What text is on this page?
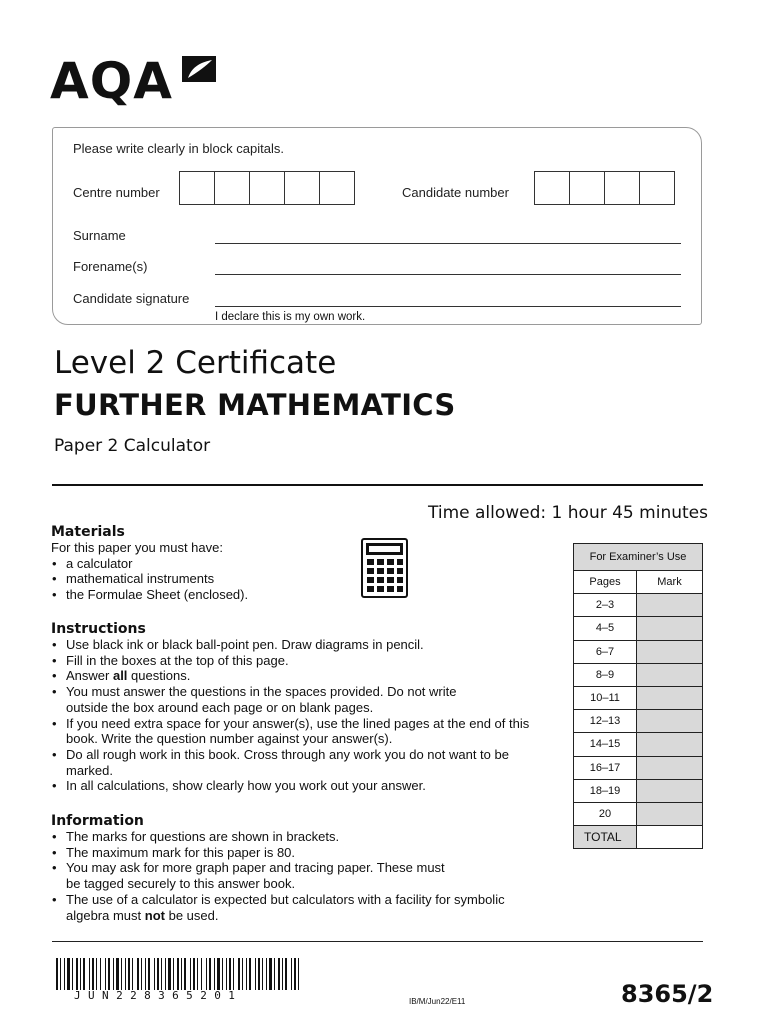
AQA
Please write clearly in block capitals.
Centre number	Candidate number
Surname
Forename(s)
Candidate signature
I declare this is my own work.
Level 2 Certificate
FURTHER MATHEMATICS
Paper 2 Calculator
Time allowed: 1 hour 45 minutes
Materials
For this paper you must have:
• a calculator
• mathematical instruments
• the Formulae Sheet (enclosed).
Instructions
• Use black ink or black ball-point pen. Draw diagrams in pencil.
• Fill in the boxes at the top of this page.
• Answer all questions.
• You must answer the questions in the spaces provided. Do not write outside the box around each page or on blank pages.
• If you need extra space for your answer(s), use the lined pages at the end of this book. Write the question number against your answer(s).
• Do all rough work in this book. Cross through any work you do not want to be marked.
• In all calculations, show clearly how you work out your answer.
Information
• The marks for questions are shown in brackets.
• The maximum mark for this paper is 80.
• You may ask for more graph paper and tracing paper. These must be tagged securely to this answer book.
• The use of a calculator is expected but calculators with a facility for symbolic algebra must not be used.
For Examiner’s Use	
Pages	Mark
2–3	
4–5	
6–7	
8–9	
10–11	
12–13	
14–15	
16–17	
18–19	
20	
TOTAL	
JUN228365201	IB/M/Jun22/E11	8365/2
